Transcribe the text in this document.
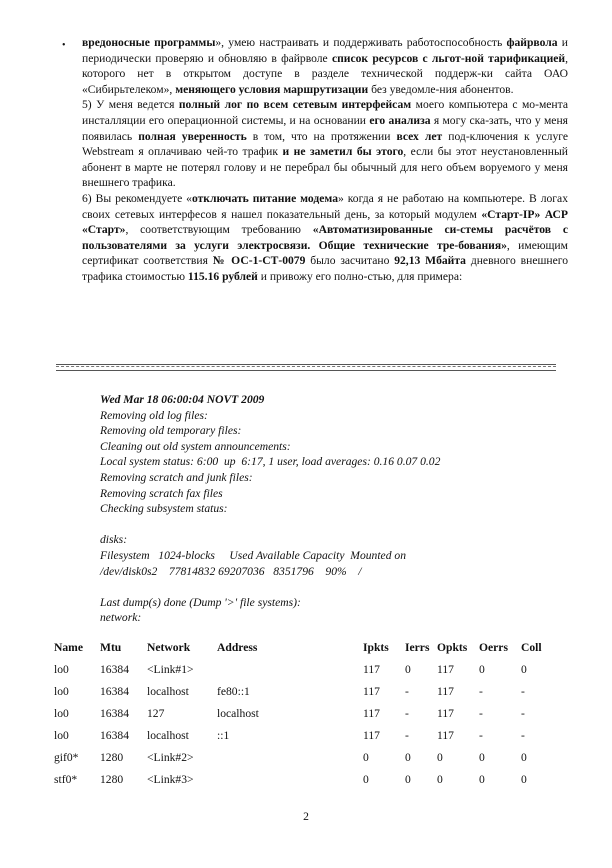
• вредоносные программы», умею настраивать и поддерживать работоспособность файрвола и периодически проверяю и обновляю в файрволе список ресурсов с льгот-ной тарификацией, которого нет в открытом доступе в разделе технической поддерж-ки сайта ОАО «Сибирьтелеком», меняющего условия маршрутизации без уведомле-ния абонентов.

5) У меня ведется полный лог по всем сетевым интерфейсам моего компьютера с мо-мента инсталляции его операционной системы, и на основании его анализа я могу ска-зать, что у меня появилась полная уверенность в том, что на протяжении всех лет под-ключения к услуге Webstream я оплачиваю чей-то трафик и не заметил бы этого, если бы этот неустановленный абонент в марте не потерял голову и не перебрал бы обычный для него объем воруемого у меня внешнего трафика.

6) Вы рекомендуете «отключать питание модема» когда я не работаю на компьютере. В логах своих сетевых интерфесов я нашел показательный день, за который модулем «Старт-IP» АСР «Старт», соответствующим требованию «Автоматизированные си-стемы расчётов с пользователями за услуги электросвязи. Общие технические тре-бования», имеющим сертификат соответствия № ОС-1-СТ-0079 было засчитано 92,13 Мбайта дневного внешнего трафика стоимостью 115.16 рублей и привожу его полно-стью, для примера:

Wed Mar 18 06:00:04 NOVT 2009
Removing old log files:
Removing old temporary files:
Cleaning out old system announcements:
Local system status: 6:00  up  6:17, 1 user, load averages: 0.16 0.07 0.02
Removing scratch and junk files:
Removing scratch fax files
Checking subsystem status:

disks:
Filesystem   1024-blocks     Used Available Capacity  Mounted on
/dev/disk0s2    77814832 69207036   8351796    90%    /

Last dump(s) done (Dump '>' file systems):
network:
Name	Mtu	Network	Address	Ipkts	Ierrs	Opkts	Oerrs	Coll
lo0	16384	<Link#1>		117	0	117	0	0
lo0	16384	localhost	fe80::1	117	-	117	-	-
lo0	16384	127	localhost	117	-	117	-	-
lo0	16384	localhost	::1	117	-	117	-	-
gif0*	1280	<Link#2>		0	0	0	0	0
stf0*	1280	<Link#3>		0	0	0	0	0
2
